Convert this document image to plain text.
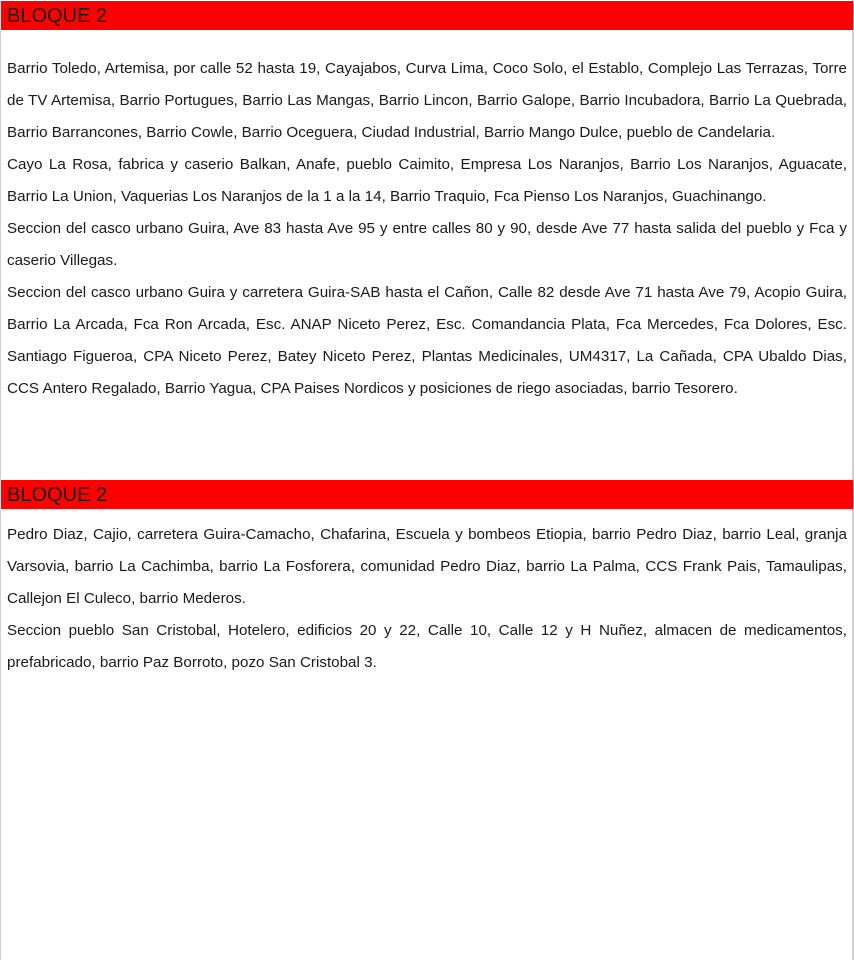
BLOQUE 2

Barrio Toledo, Artemisa, por calle 52 hasta 19, Cayajabos, Curva Lima, Coco Solo, el Establo, Complejo Las Terrazas, Torre de TV Artemisa, Barrio Portugues, Barrio Las Mangas, Barrio Lincon, Barrio Galope, Barrio Incubadora, Barrio La Quebrada, Barrio Barrancones, Barrio Cowle, Barrio Oceguera, Ciudad Industrial, Barrio Mango Dulce, pueblo de Candelaria.

Cayo La Rosa, fabrica y caserio Balkan, Anafe, pueblo Caimito, Empresa Los Naranjos, Barrio Los Naranjos, Aguacate, Barrio La Union, Vaquerias Los Naranjos de la 1 a la 14, Barrio Traquio, Fca Pienso Los Naranjos, Guachinango.

Seccion del casco urbano Guira, Ave 83 hasta Ave 95 y entre calles 80 y 90, desde Ave 77 hasta salida del pueblo y Fca y caserio Villegas.

Seccion del casco urbano Guira y carretera Guira-SAB hasta el Cañon, Calle 82 desde Ave 71 hasta Ave 79, Acopio Guira, Barrio La Arcada, Fca Ron Arcada, Esc. ANAP Niceto Perez, Esc. Comandancia Plata, Fca Mercedes, Fca Dolores, Esc. Santiago Figueroa, CPA Niceto Perez, Batey Niceto Perez, Plantas Medicinales, UM4317, La Cañada, CPA Ubaldo Dias, CCS Antero Regalado, Barrio Yagua, CPA Paises Nordicos y posiciones de riego asociadas, barrio Tesorero.

BLOQUE 2

Pedro Diaz, Cajio, carretera Guira-Camacho, Chafarina, Escuela y bombeos Etiopia, barrio Pedro Diaz, barrio Leal, granja Varsovia, barrio La Cachimba, barrio La Fosforera, comunidad Pedro Diaz, barrio La Palma, CCS Frank Pais, Tamaulipas, Callejon El Culeco, barrio Mederos.

Seccion pueblo San Cristobal, Hotelero, edificios 20 y 22, Calle 10, Calle 12 y H Nuñez, almacen de medicamentos, prefabricado, barrio Paz Borroto, pozo San Cristobal 3.
